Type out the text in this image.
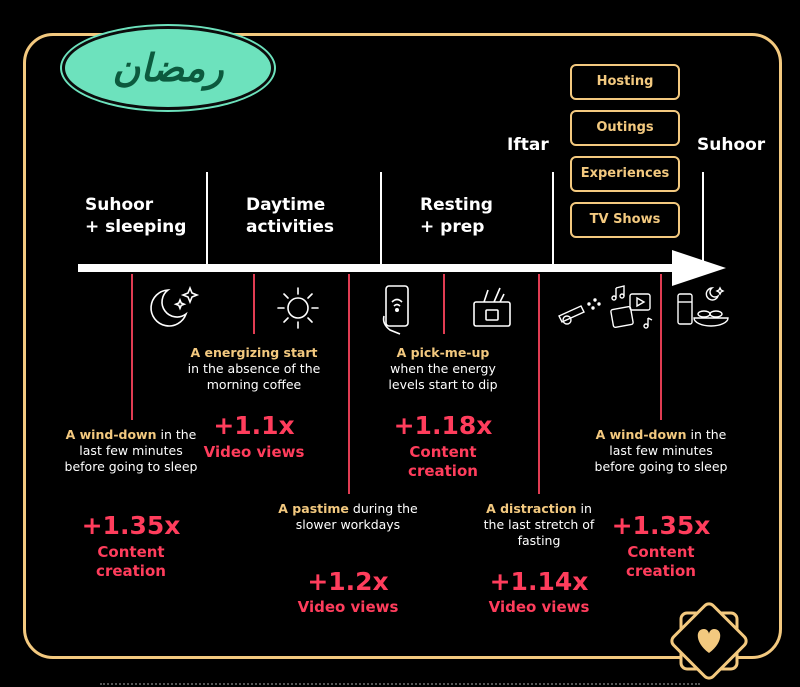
رمضان	Hosting
Outings
Experiences
TV Shows
Suhoor
+ sleeping
Daytime
activities
Resting
+ prep
Iftar	Suhoor
A wind-down in the last few minutes before going to sleep
+1.35x
Content
creation
A energizing start in the absence of the morning coffee
+1.1x
Video views
A pastime during the slower workdays
+1.2x
Video views
A pick-me-up when the energy levels start to dip
+1.18x
Content
creation
A distraction in the last stretch of fasting
+1.14x
Video views
A wind-down in the last few minutes before going to sleep
+1.35x
Content
creation
